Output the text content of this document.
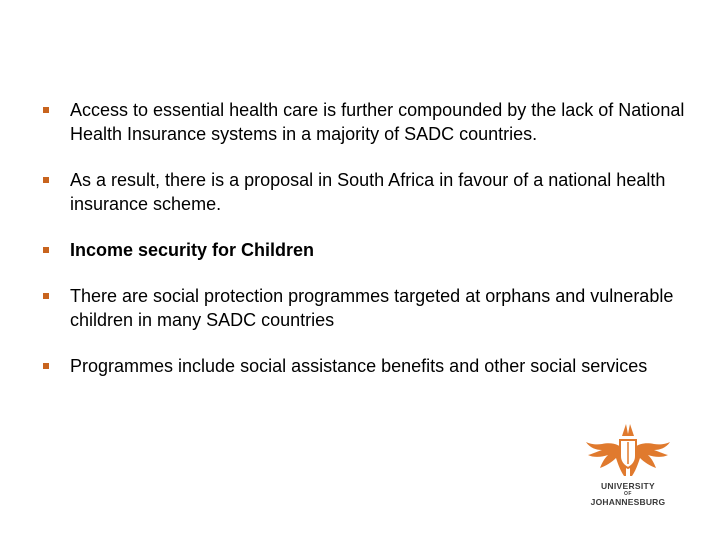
Access to essential health care is further compounded by the lack of National Health Insurance systems in a majority of SADC countries.
As a result, there is a proposal in South Africa in favour of a national health insurance scheme.
Income security for Children
There are social protection programmes targeted at orphans and vulnerable children in many SADC countries
Programmes include social assistance benefits and other social services
UNIVERSITY
OF
JOHANNESBURG
